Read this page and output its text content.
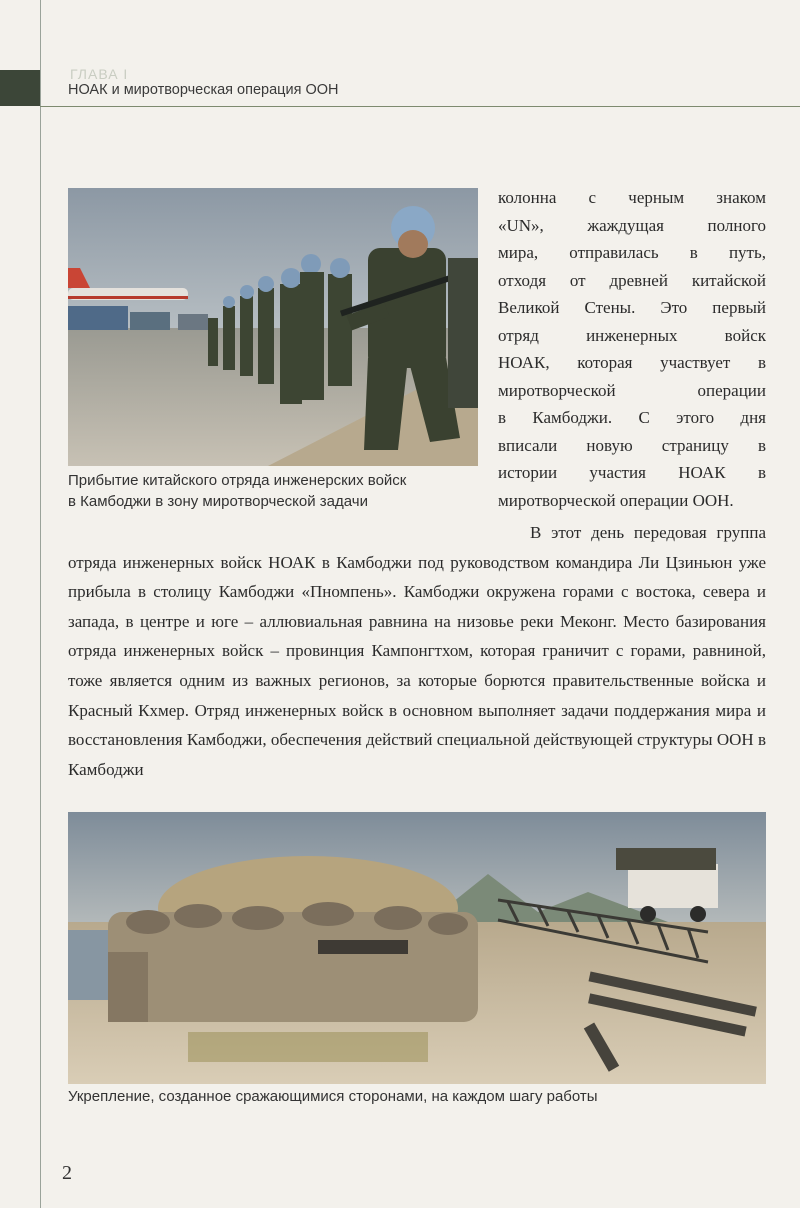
ГЛАВА I
НОАК и миротворческая операция ООН
Прибытие китайского отряда инженерских войск
в Камбоджи в зону миротворческой задачи
колонна с черным знаком
«UN», жаждущая полного
мира, отправилась в путь,
отходя от древней китайской
Великой Стены. Это первый
отряд инженерных войск
НОАК, которая участвует в
миротворческой операции
в Камбоджи. С этого дня
вписали новую страницу в
истории участия НОАК в
миротворческой операции ООН.
В этот день передовая группа отряда инженерных войск НОАК в Камбоджи под руководством командира Ли Цзиньюн уже прибыла в столицу Камбоджи «Пномпень». Камбоджи окружена горами с востока, севера и запада, в центре и юге – аллювиальная равнина на низовье реки Меконг. Место базирования отряда инженерных войск – провинция Кампонгтхом, которая граничит с горами, равниной, тоже является одним из важных регионов, за которые борются правительственные войска и Красный Кхмер. Отряд инженерных войск в основном выполняет задачи поддержания мира и восстановления Камбоджи, обеспечения действий специальной действующей структуры ООН в Камбоджи
Укрепление, созданное сражающимися сторонами, на каждом шагу работы
2
